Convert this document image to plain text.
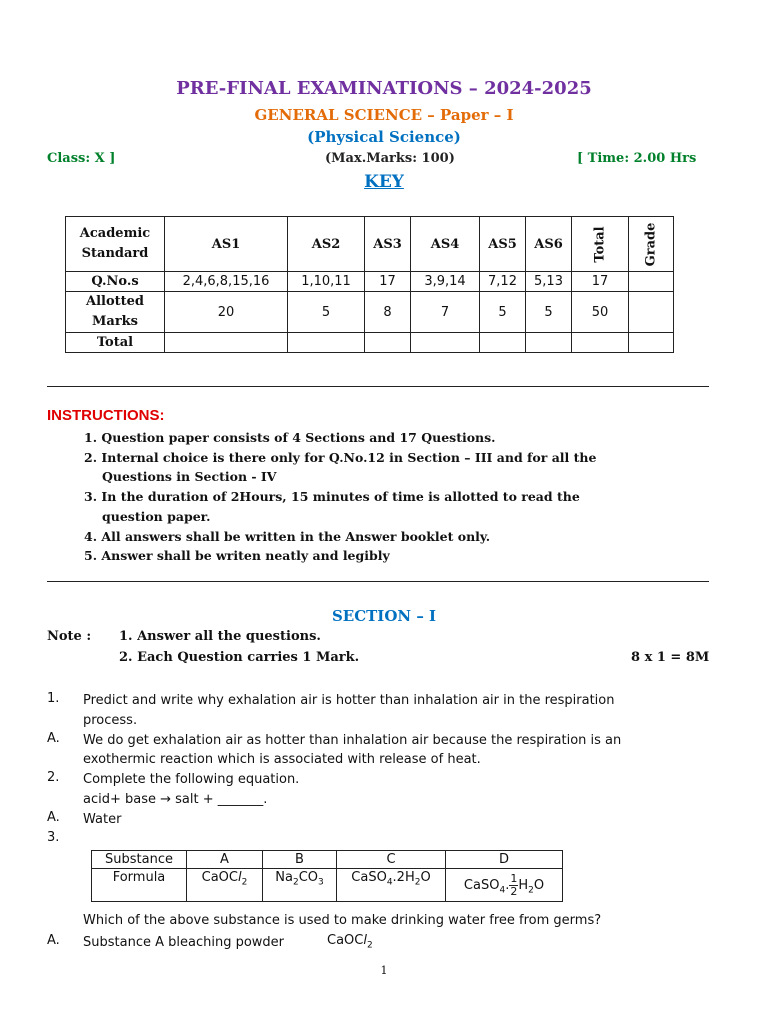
PRE-FINAL EXAMINATIONS – 2024-2025
GENERAL SCIENCE – Paper – I
(Physical Science)
Class: X ]	(Max.Marks: 100)	[ Time: 2.00 Hrs
KEY
Academic Standard	AS1	AS2	AS3	AS4	AS5	AS6	Total	Grade
Q.No.s	2,4,6,8,15,16	1,10,11	17	3,9,14	7,12	5,13	17	
Allotted Marks	20	5	8	7	5	5	50	
Total								
INSTRUCTIONS:
1. Question paper consists of 4 Sections and 17 Questions.
2. Internal choice is there only for Q.No.12 in Section – III and for all the
Questions in Section - IV
3. In the duration of 2Hours, 15 minutes of time is allotted to read the
question paper.
4. All answers shall be written in the Answer booklet only.
5. Answer shall be writen neatly and legibly
SECTION – I
Note : 1. Answer all the questions.
2. Each Question carries 1 Mark.	8 x 1 = 8M
1. Predict and write why exhalation air is hotter than inhalation air in the respiration
process.
A. We do get exhalation air as hotter than inhalation air because the respiration is an
exothermic reaction which is associated with release of heat.
2. Complete the following equation.
acid+ base → salt + _______.
A. Water
3.
Substance	A	B	C	D
Formula	CaOCl$_2$	$Na_2CO_3$	$CaSO_4.2H_2O$	CaSO$_4$. $\frac{1}{2} H_2O$
Which of the above substance is used to make drinking water free from germs?
A. Substance A bleaching powder	CaOCl$_2$
1
